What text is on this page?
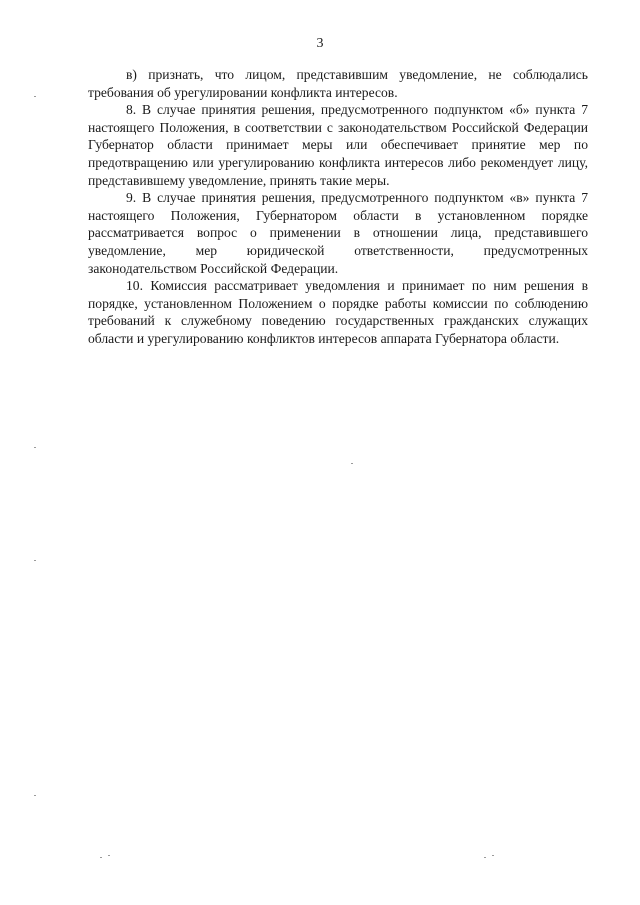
3

в) признать, что лицом, представившим уведомление, не соблюдались требования об урегулировании конфликта интересов.

8. В случае принятия решения, предусмотренного подпунктом «б» пункта 7 настоящего Положения, в соответствии с законодательством Российской Федерации Губернатор области принимает меры или обеспечивает принятие мер по предотвращению или урегулированию конфликта интересов либо рекомендует лицу, представившему уведомление, принять такие меры.

9. В случае принятия решения, предусмотренного подпунктом «в» пункта 7 настоящего Положения, Губернатором области в установленном порядке рассматривается вопрос о применении в отношении лица, представившего уведомление, мер юридической ответственности, предусмотренных законодательством Российской Федерации.

10. Комиссия рассматривает уведомления и принимает по ним решения в порядке, установленном Положением о порядке работы комиссии по соблюдению требований к служебному поведению государственных гражданских служащих области и урегулированию конфликтов интересов аппарата Губернатора области.
